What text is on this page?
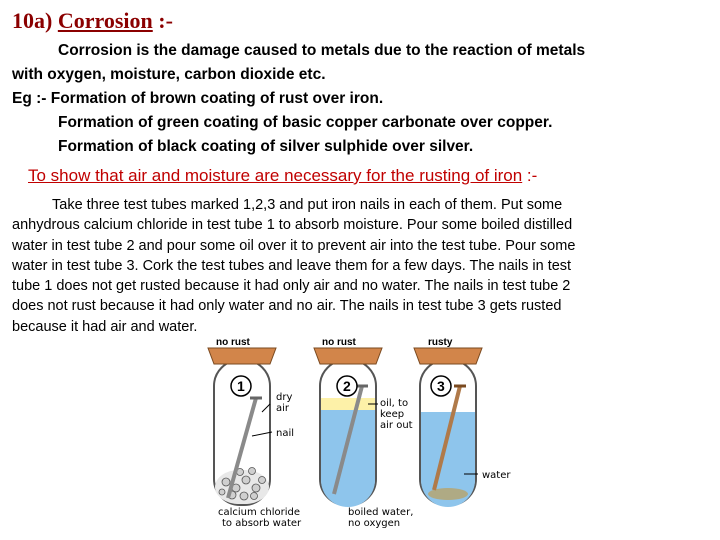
10a) Corrosion :-
Corrosion is the damage caused to metals due to the reaction of metals
with oxygen, moisture, carbon dioxide etc.
Eg :- Formation of brown coating of rust over iron.
Formation of green coating of basic copper carbonate over copper.
Formation of black coating of silver sulphide over silver.
To show that air and moisture are necessary for the rusting of iron :-
Take three test tubes marked 1,2,3 and put iron nails in each of them. Put some
anhydrous calcium chloride in test tube 1 to absorb moisture. Pour some boiled distilled
water in test tube 2 and pour some oil over it to prevent air into the test tube. Pour some
water in test tube 3. Cork the test tubes and leave them for a few days. The nails in test
tube 1 does not get rusted because it had only air and no water. The nails in test tube 2
does not rust because it had only water and no air. The nails in test tube 3 gets rusted
because it had air and water.
no rust
1
dry
air
nail
calcium chloride
to absorb water
no rust
2
oil, to
keep
air out
boiled water,
no oxygen
rusty
3
water
